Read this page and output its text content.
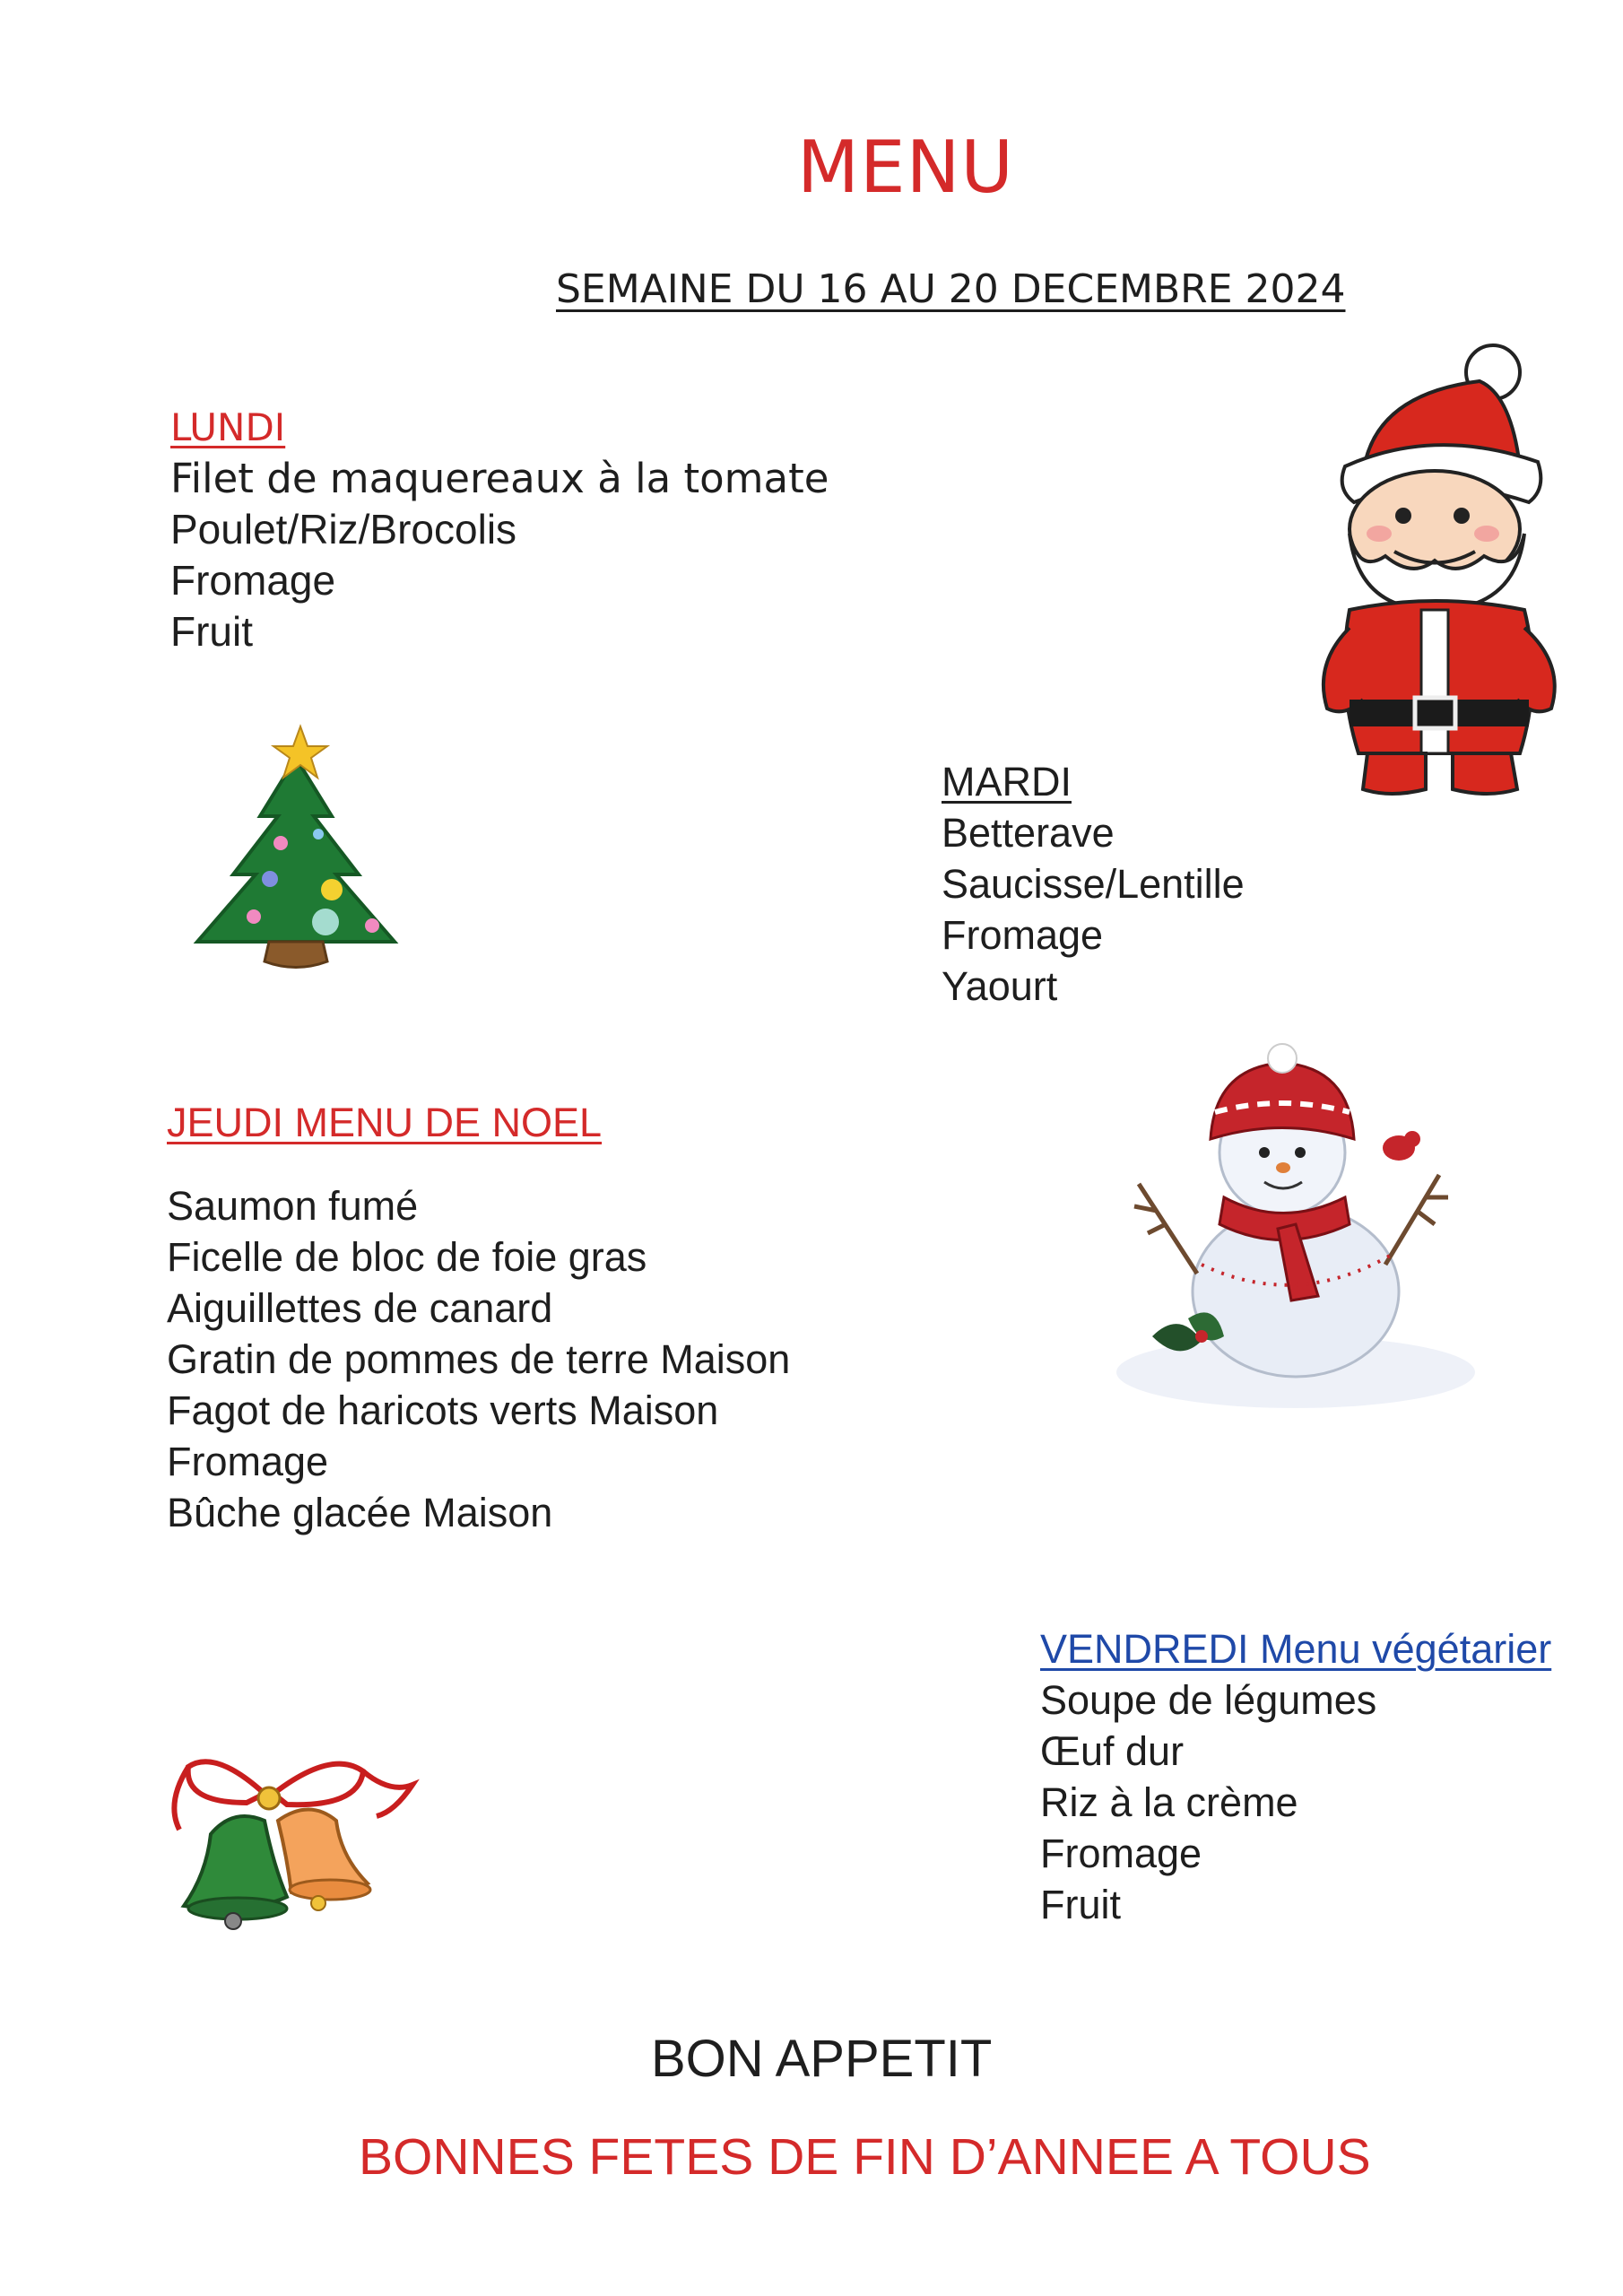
MENU
SEMAINE DU 16 AU 20 DECEMBRE 2024
LUNDI
Filet de maquereaux à la tomate
Poulet/Riz/Brocolis
Fromage
Fruit
MARDI
Betterave
Saucisse/Lentille
Fromage
Yaourt
JEUDI MENU DE NOEL
Saumon fumé
Ficelle de bloc de foie gras
Aiguillettes de canard
Gratin de pommes de terre Maison
Fagot de haricots verts Maison
Fromage
Bûche glacée Maison
VENDREDI Menu végétarier
Soupe de légumes
Œuf dur
Riz à la crème
Fromage
Fruit
BON APPETIT
BONNES FETES DE FIN D’ANNEE A TOUS
